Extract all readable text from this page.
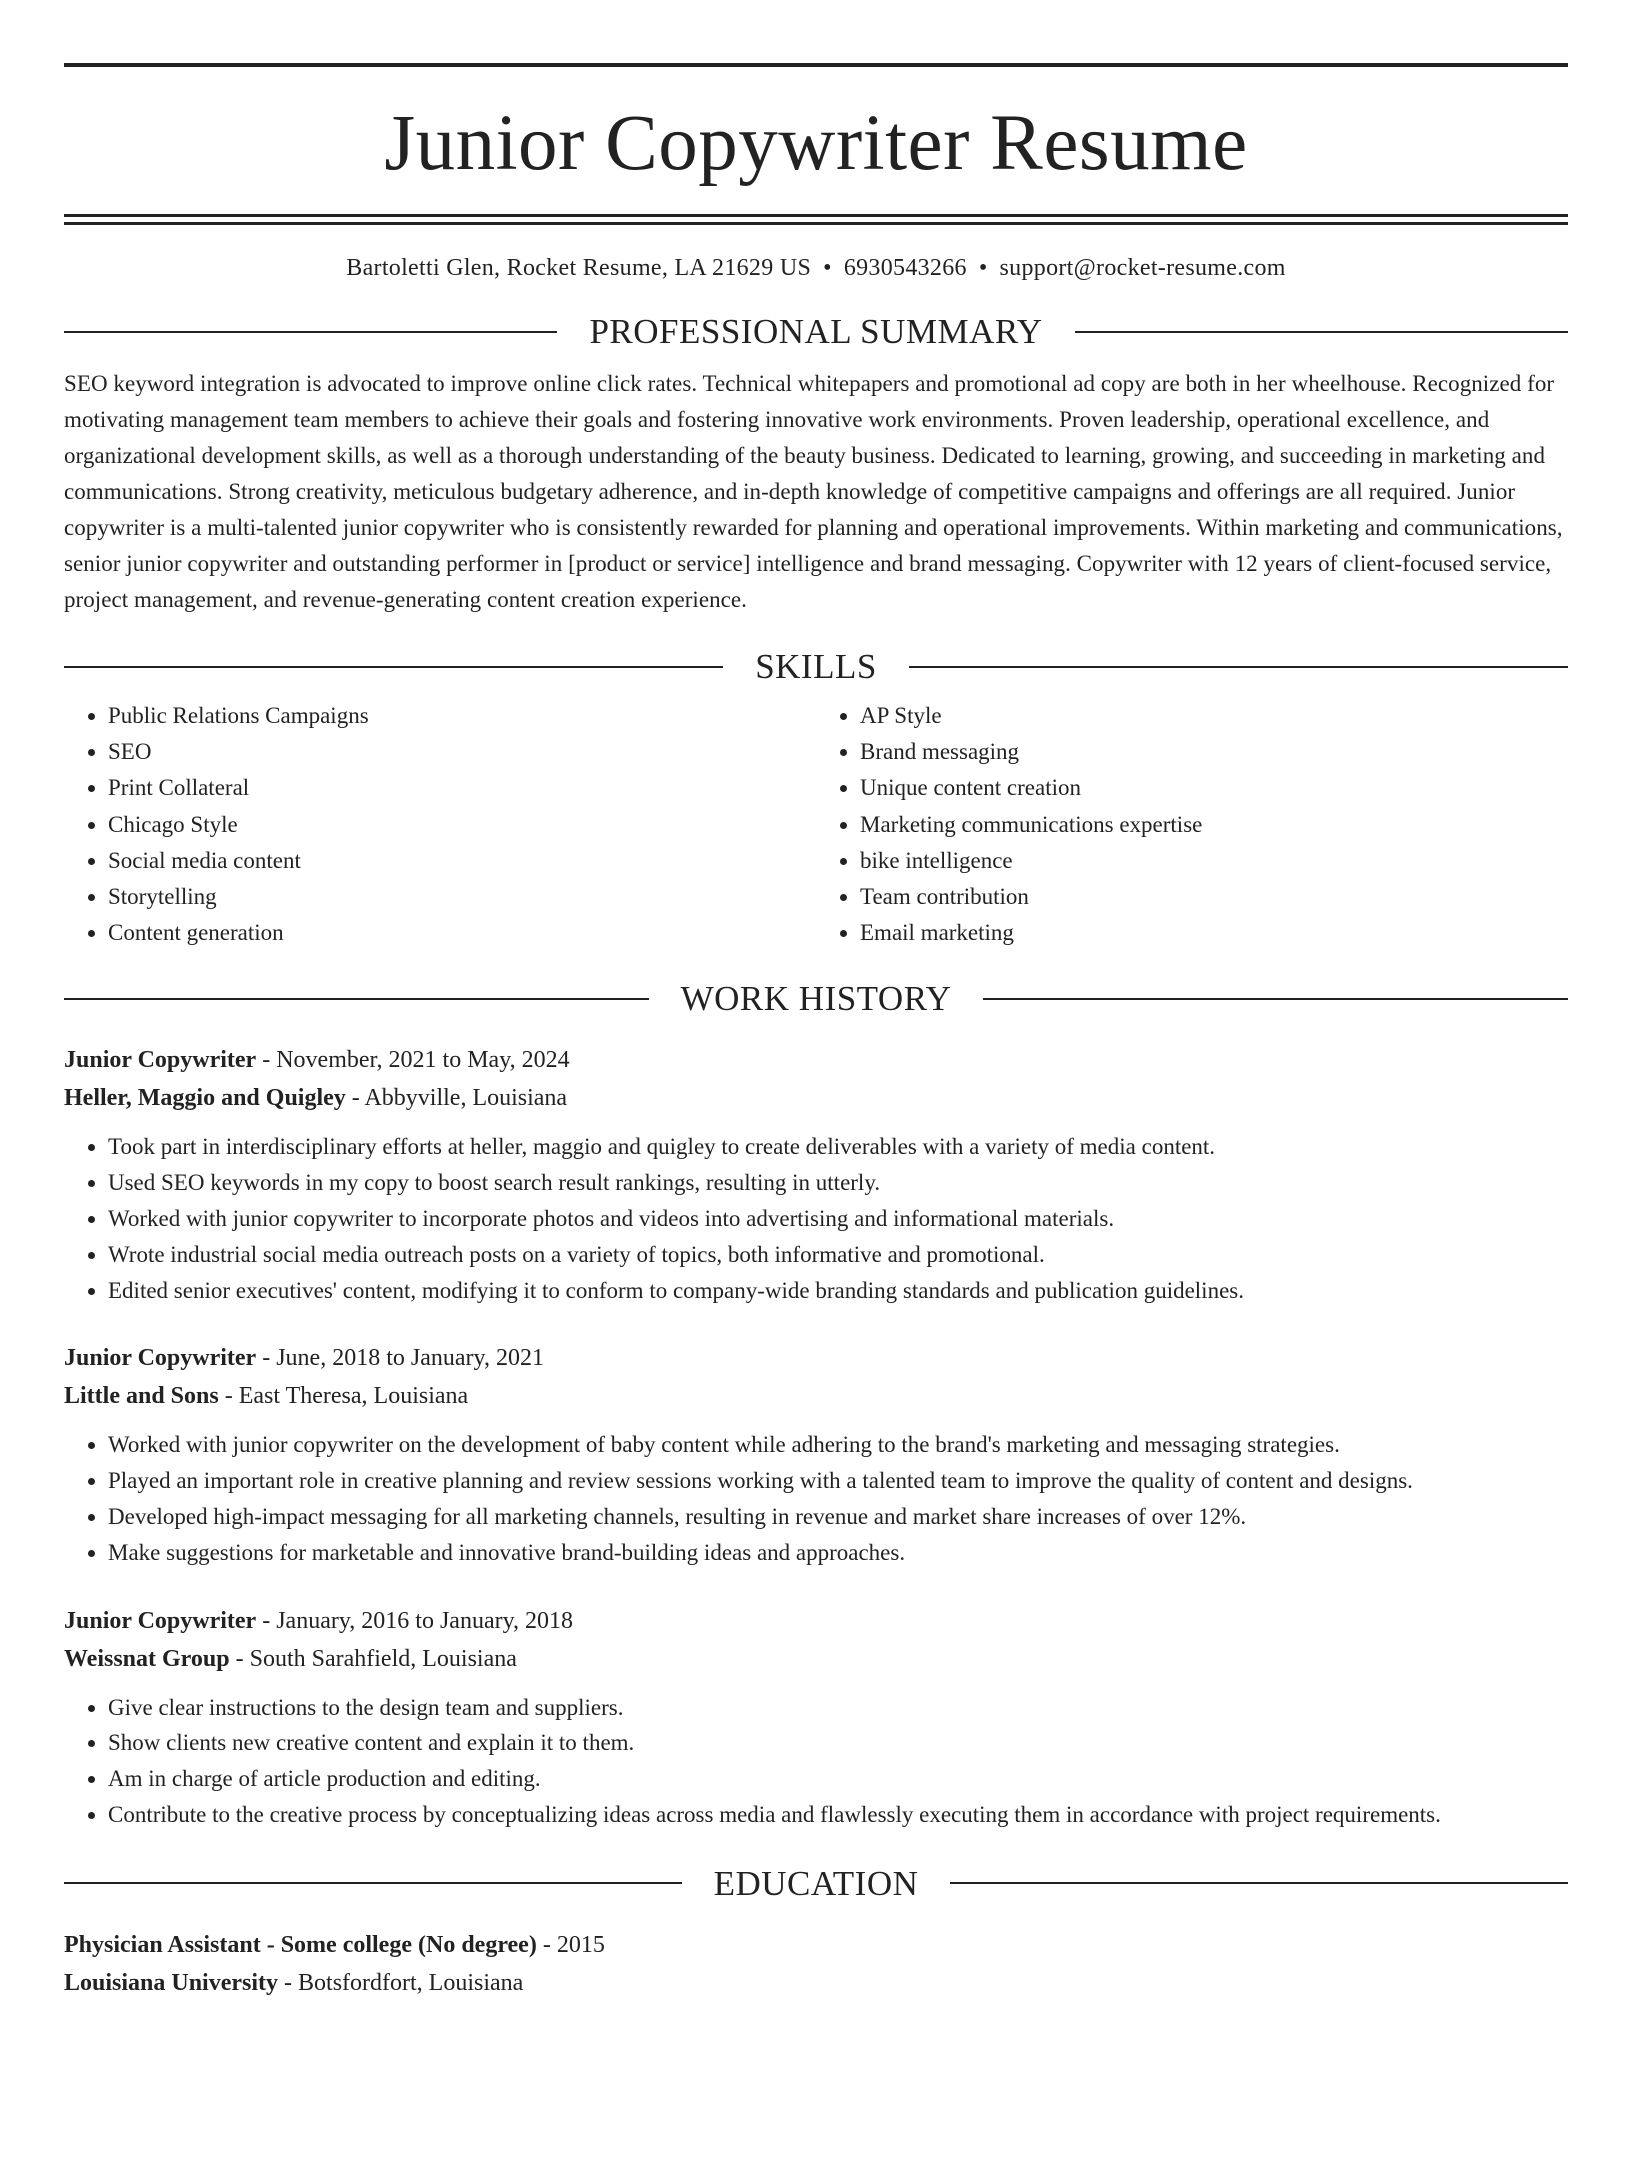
Junior Copywriter Resume
Bartoletti Glen, Rocket Resume, LA 21629 US • 6930543266 • support@rocket-resume.com
PROFESSIONAL SUMMARY

SEO keyword integration is advocated to improve online click rates. Technical whitepapers and promotional ad copy are both in her wheelhouse. Recognized for motivating management team members to achieve their goals and fostering innovative work environments. Proven leadership, operational excellence, and organizational development skills, as well as a thorough understanding of the beauty business. Dedicated to learning, growing, and succeeding in marketing and communications. Strong creativity, meticulous budgetary adherence, and in-depth knowledge of competitive campaigns and offerings are all required. Junior copywriter is a multi-talented junior copywriter who is consistently rewarded for planning and operational improvements. Within marketing and communications, senior junior copywriter and outstanding performer in [product or service] intelligence and brand messaging. Copywriter with 12 years of client-focused service, project management, and revenue-generating content creation experience.

SKILLS
• Public Relations Campaigns
• SEO
• Print Collateral
• Chicago Style
• Social media content
• Storytelling
• Content generation
• AP Style
• Brand messaging
• Unique content creation
• Marketing communications expertise
• bike intelligence
• Team contribution
• Email marketing
WORK HISTORY
Junior Copywriter - November, 2021 to May, 2024
Heller, Maggio and Quigley - Abbyville, Louisiana
• Took part in interdisciplinary efforts at heller, maggio and quigley to create deliverables with a variety of media content.
• Used SEO keywords in my copy to boost search result rankings, resulting in utterly.
• Worked with junior copywriter to incorporate photos and videos into advertising and informational materials.
• Wrote industrial social media outreach posts on a variety of topics, both informative and promotional.
• Edited senior executives' content, modifying it to conform to company-wide branding standards and publication guidelines.
Junior Copywriter - June, 2018 to January, 2021
Little and Sons - East Theresa, Louisiana
• Worked with junior copywriter on the development of baby content while adhering to the brand's marketing and messaging strategies.
• Played an important role in creative planning and review sessions working with a talented team to improve the quality of content and designs.
• Developed high-impact messaging for all marketing channels, resulting in revenue and market share increases of over 12%.
• Make suggestions for marketable and innovative brand-building ideas and approaches.
Junior Copywriter - January, 2016 to January, 2018
Weissnat Group - South Sarahfield, Louisiana
• Give clear instructions to the design team and suppliers.
• Show clients new creative content and explain it to them.
• Am in charge of article production and editing.
• Contribute to the creative process by conceptualizing ideas across media and flawlessly executing them in accordance with project requirements.
EDUCATION
Physician Assistant - Some college (No degree) - 2015
Louisiana University - Botsfordfort, Louisiana
